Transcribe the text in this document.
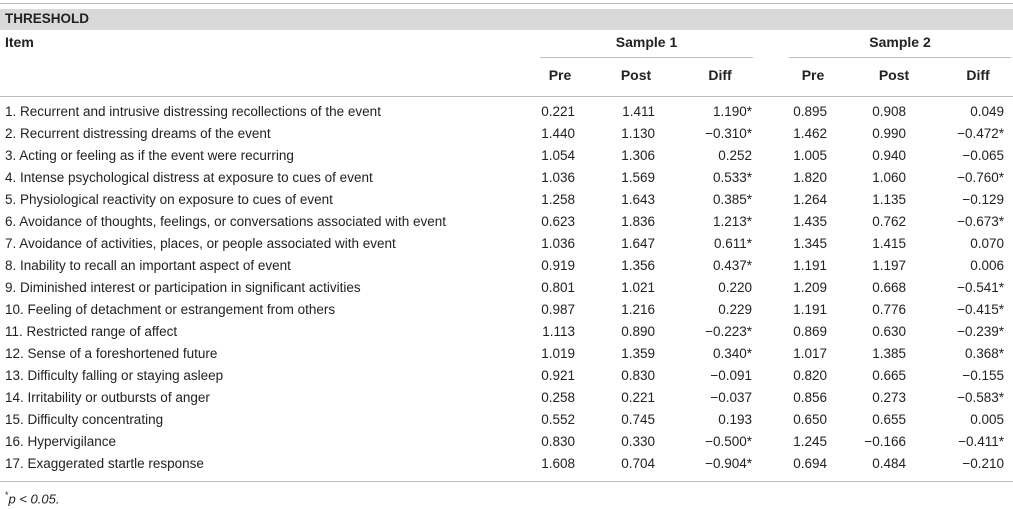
THRESHOLD
Item	Sample 1	Sample 2
Pre	Post	Diff	Pre	Post	Diff
1. Recurrent and intrusive distressing recollections of the event	0.221	1.411	1.190*	0.895	0.908	0.049
2. Recurrent distressing dreams of the event	1.440	1.130	−0.310*	1.462	0.990	−0.472*
3. Acting or feeling as if the event were recurring	1.054	1.306	0.252	1.005	0.940	−0.065
4. Intense psychological distress at exposure to cues of event	1.036	1.569	0.533*	1.820	1.060	−0.760*
5. Physiological reactivity on exposure to cues of event	1.258	1.643	0.385*	1.264	1.135	−0.129
6. Avoidance of thoughts, feelings, or conversations associated with event	0.623	1.836	1.213*	1.435	0.762	−0.673*
7. Avoidance of activities, places, or people associated with event	1.036	1.647	0.611*	1.345	1.415	0.070
8. Inability to recall an important aspect of event	0.919	1.356	0.437*	1.191	1.197	0.006
9. Diminished interest or participation in significant activities	0.801	1.021	0.220	1.209	0.668	−0.541*
10. Feeling of detachment or estrangement from others	0.987	1.216	0.229	1.191	0.776	−0.415*
11. Restricted range of affect	1.113	0.890	−0.223*	0.869	0.630	−0.239*
12. Sense of a foreshortened future	1.019	1.359	0.340*	1.017	1.385	0.368*
13. Difficulty falling or staying asleep	0.921	0.830	−0.091	0.820	0.665	−0.155
14. Irritability or outbursts of anger	0.258	0.221	−0.037	0.856	0.273	−0.583*
15. Difficulty concentrating	0.552	0.745	0.193	0.650	0.655	0.005
16. Hypervigilance	0.830	0.330	−0.500*	1.245	−0.166	−0.411*
17. Exaggerated startle response	1.608	0.704	−0.904*	0.694	0.484	−0.210
*p < 0.05.
